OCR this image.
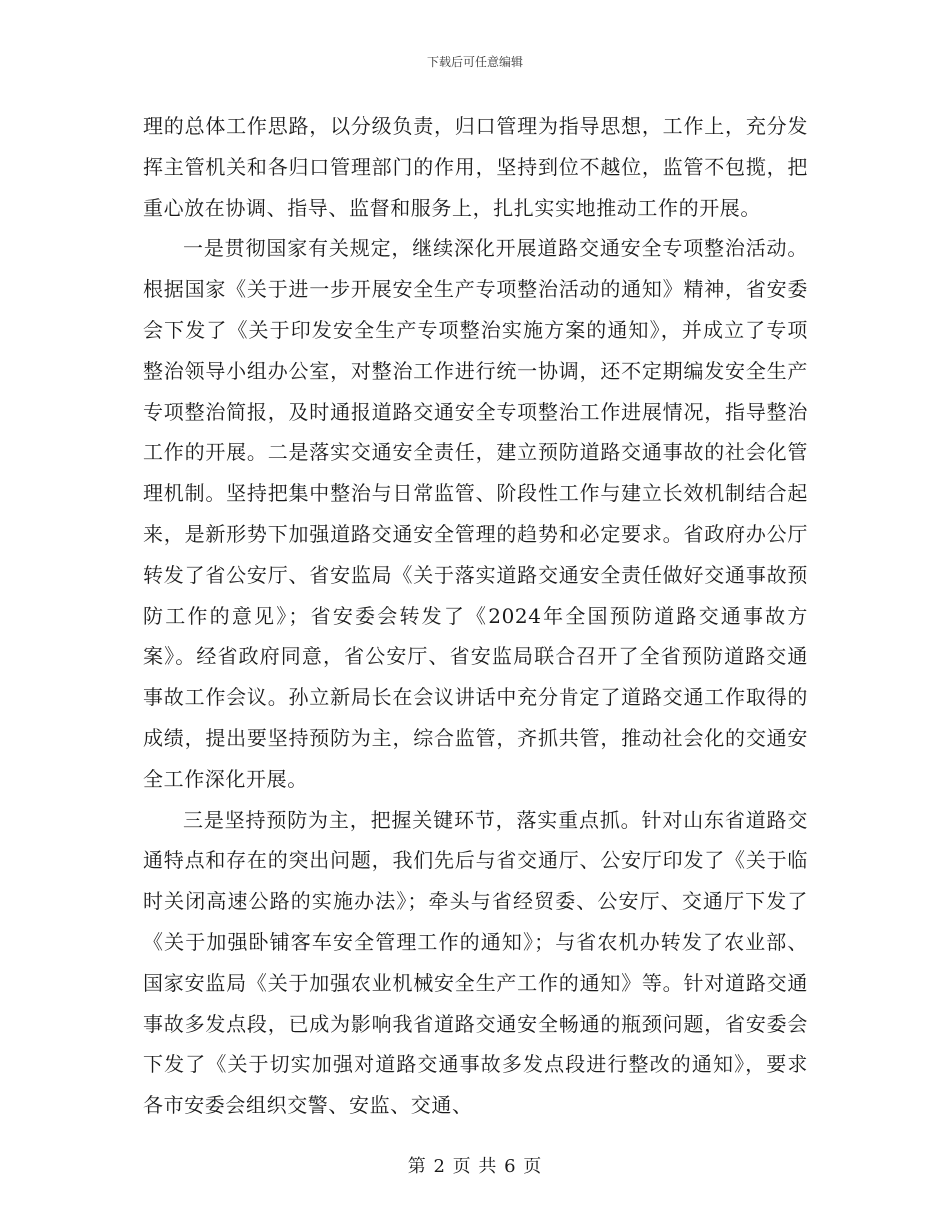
下载后可任意编辑

理的总体工作思路，以分级负责，归口管理为指导思想，工作上，充分发挥主管机关和各归口管理部门的作用，坚持到位不越位，监管不包揽，把重心放在协调、指导、监督和服务上，扎扎实实地推动工作的开展。

一是贯彻国家有关规定，继续深化开展道路交通安全专项整治活动。根据国家《关于进一步开展安全生产专项整治活动的通知》精神，省安委会下发了《关于印发安全生产专项整治实施方案的通知》，并成立了专项整治领导小组办公室，对整治工作进行统一协调，还不定期编发安全生产专项整治简报，及时通报道路交通安全专项整治工作进展情况，指导整治工作的开展。二是落实交通安全责任，建立预防道路交通事故的社会化管理机制。坚持把集中整治与日常监管、阶段性工作与建立长效机制结合起来，是新形势下加强道路交通安全管理的趋势和必定要求。省政府办公厅转发了省公安厅、省安监局《关于落实道路交通安全责任做好交通事故预防工作的意见》；省安委会转发了《2024年全国预防道路交通事故方案》。经省政府同意，省公安厅、省安监局联合召开了全省预防道路交通事故工作会议。孙立新局长在会议讲话中充分肯定了道路交通工作取得的成绩，提出要坚持预防为主，综合监管，齐抓共管，推动社会化的交通安全工作深化开展。

三是坚持预防为主，把握关键环节，落实重点抓。针对山东省道路交通特点和存在的突出问题，我们先后与省交通厅、公安厅印发了《关于临时关闭高速公路的实施办法》；牵头与省经贸委、公安厅、交通厅下发了《关于加强卧铺客车安全管理工作的通知》；与省农机办转发了农业部、国家安监局《关于加强农业机械安全生产工作的通知》等。针对道路交通事故多发点段，已成为影响我省道路交通安全畅通的瓶颈问题，省安委会下发了《关于切实加强对道路交通事故多发点段进行整改的通知》，要求各市安委会组织交警、安监、交通、

第 2 页 共 6 页
